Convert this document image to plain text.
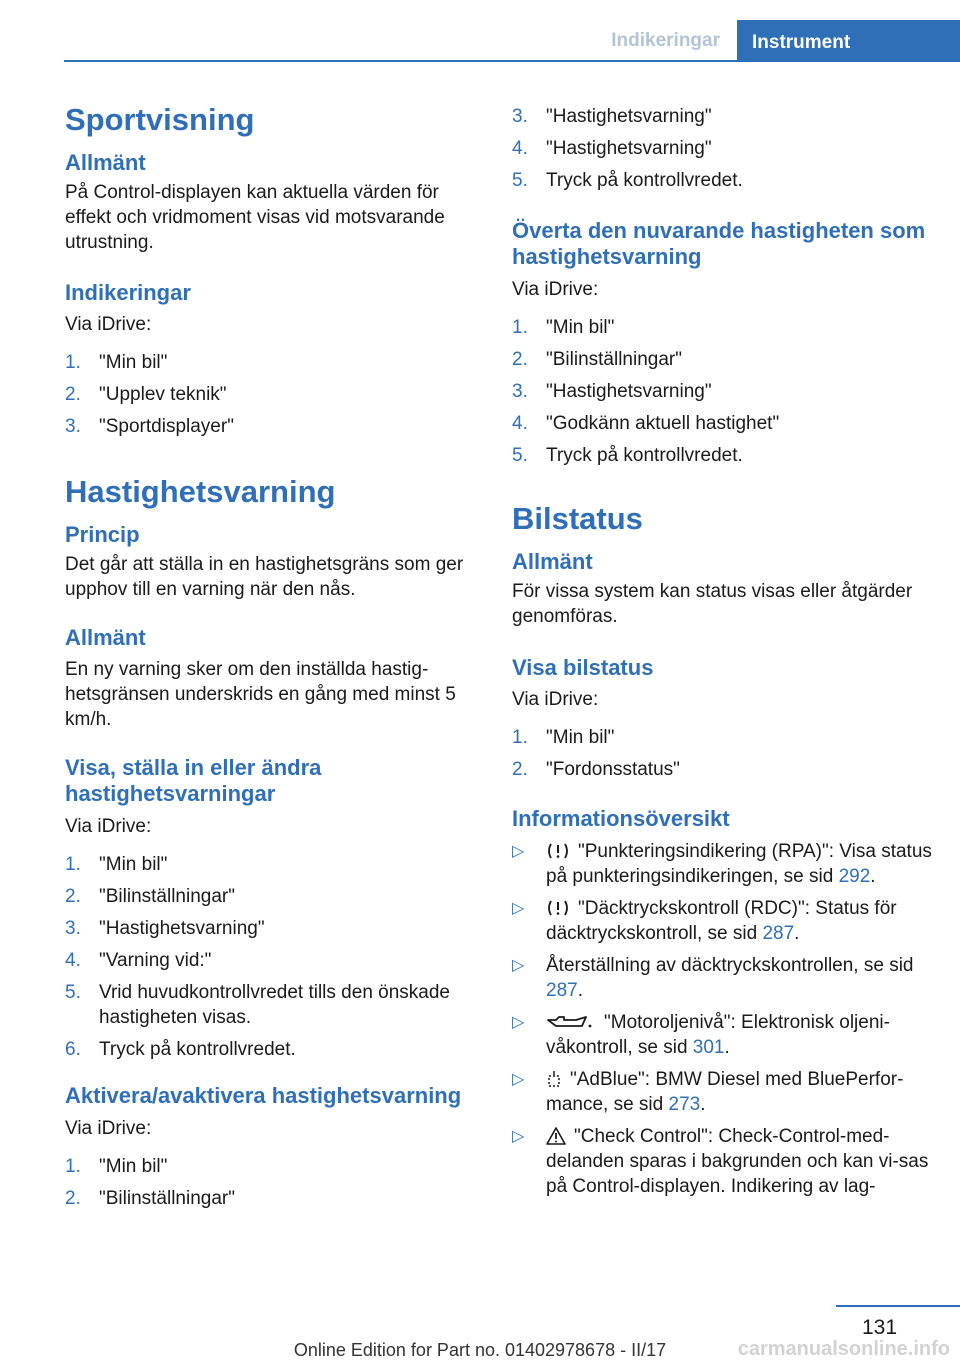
Indikeringar	Instrument
Sportvisning
Allmänt

På Control-displayen kan aktuella värden för effekt och vridmoment visas vid motsvarande utrustning.

Indikeringar

Via iDrive:

1. "Min bil"
2. "Upplev teknik"
3. "Sportdisplayer"
Hastighetsvarning
Princip

Det går att ställa in en hastighetsgräns som ger upphov till en varning när den nås.

Allmänt

En ny varning sker om den inställda hastig‐hetsgränsen underskrids en gång med minst 5 km/h.

Visa, ställa in eller ändra hastighetsvarningar

Via iDrive:

1. "Min bil"
2. "Bilinställningar"
3. "Hastighetsvarning"
4. "Varning vid:"
5. Vrid huvudkontrollvredet tills den önskade hastigheten visas.
6. Tryck på kontrollvredet.
Aktivera/avaktivera hastighetsvarning

Via iDrive:

1. "Min bil"
2. "Bilinställningar"
3. "Hastighetsvarning"
4. "Hastighetsvarning"
5. Tryck på kontrollvredet.
Överta den nuvarande hastigheten som hastighetsvarning

Via iDrive:

1. "Min bil"
2. "Bilinställningar"
3. "Hastighetsvarning"
4. "Godkänn aktuell hastighet"
5. Tryck på kontrollvredet.
Bilstatus
Allmänt

För vissa system kan status visas eller åtgärder genomföras.

Visa bilstatus

Via iDrive:

1. "Min bil"
2. "Fordonsstatus"
Informationsöversikt
▷	"Punkteringsindikering (RPA)": Visa status på punkteringsindikeringen, se sid 292.
▷	"Däcktryckskontroll (RDC)": Status för däcktryckskontroll, se sid 287.
▷ Återställning av däcktryckskontrollen, se sid 287.
▷	"Motoroljenivå": Elektronisk oljeni‐våkontroll, se sid 301.
▷ "AdBlue": BMW Diesel med BluePerfor‐mance, se sid 273.
▷	"Check Control": Check-Control-med‐delanden sparas i bakgrunden och kan vi‐sas på Control-displayen. Indikering av lag‐
131
Online Edition for Part no. 01402978678 - II/17	carmanualsonline.info
